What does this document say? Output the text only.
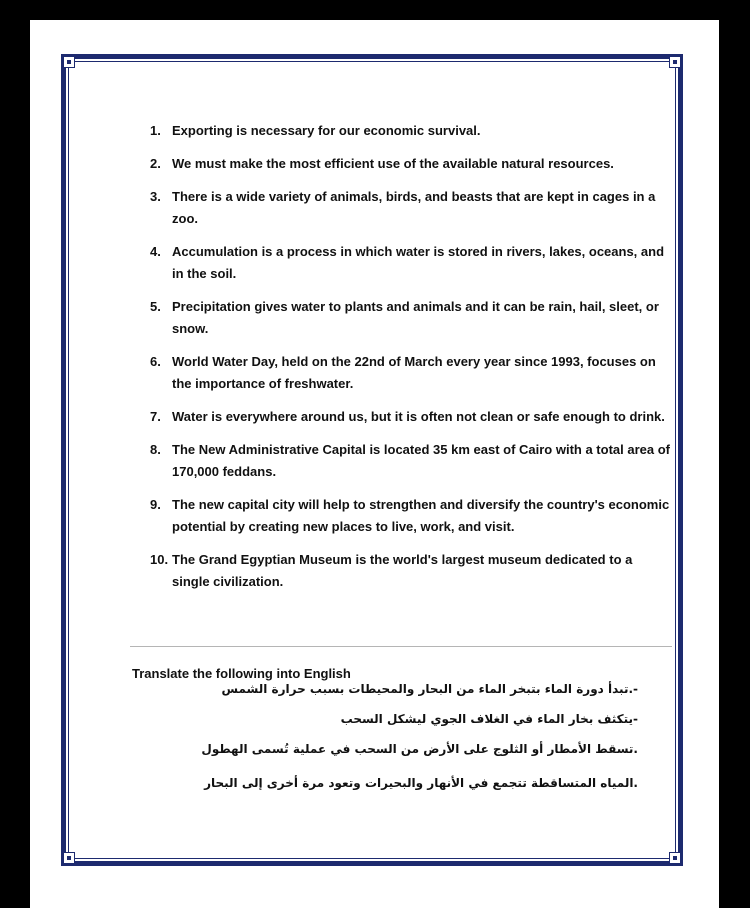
1. Exporting is necessary for our economic survival.
2. We must make the most efficient use of the available natural resources.
3. There is a wide variety of animals, birds, and beasts that are kept in cages in a zoo.
4. Accumulation is a process in which water is stored in rivers, lakes, oceans, and in the soil.
5. Precipitation gives water to plants and animals and it can be rain, hail, sleet, or snow.
6. World Water Day, held on the 22nd of March every year since 1993, focuses on the importance of freshwater.
7. Water is everywhere around us, but it is often not clean or safe enough to drink.
8. The New Administrative Capital is located 35 km east of Cairo with a total area of 170,000 feddans.
9. The new capital city will help to strengthen and diversify the country's economic potential by creating new places to live, work, and visit.
10. The Grand Egyptian Museum is the world's largest museum dedicated to a single civilization.
Translate the following into English
-.تبدأ دورة الماء بتبخر الماء من البحار والمحيطات بسبب حرارة الشمس
-يتكثف بخار الماء في الغلاف الجوي ليشكل السحب
.تسقط الأمطار أو الثلوج على الأرض من السحب في عملية تُسمى الهطول
.المياه المتساقطة تتجمع في الأنهار والبحيرات وتعود مرة أخرى إلى البحار
